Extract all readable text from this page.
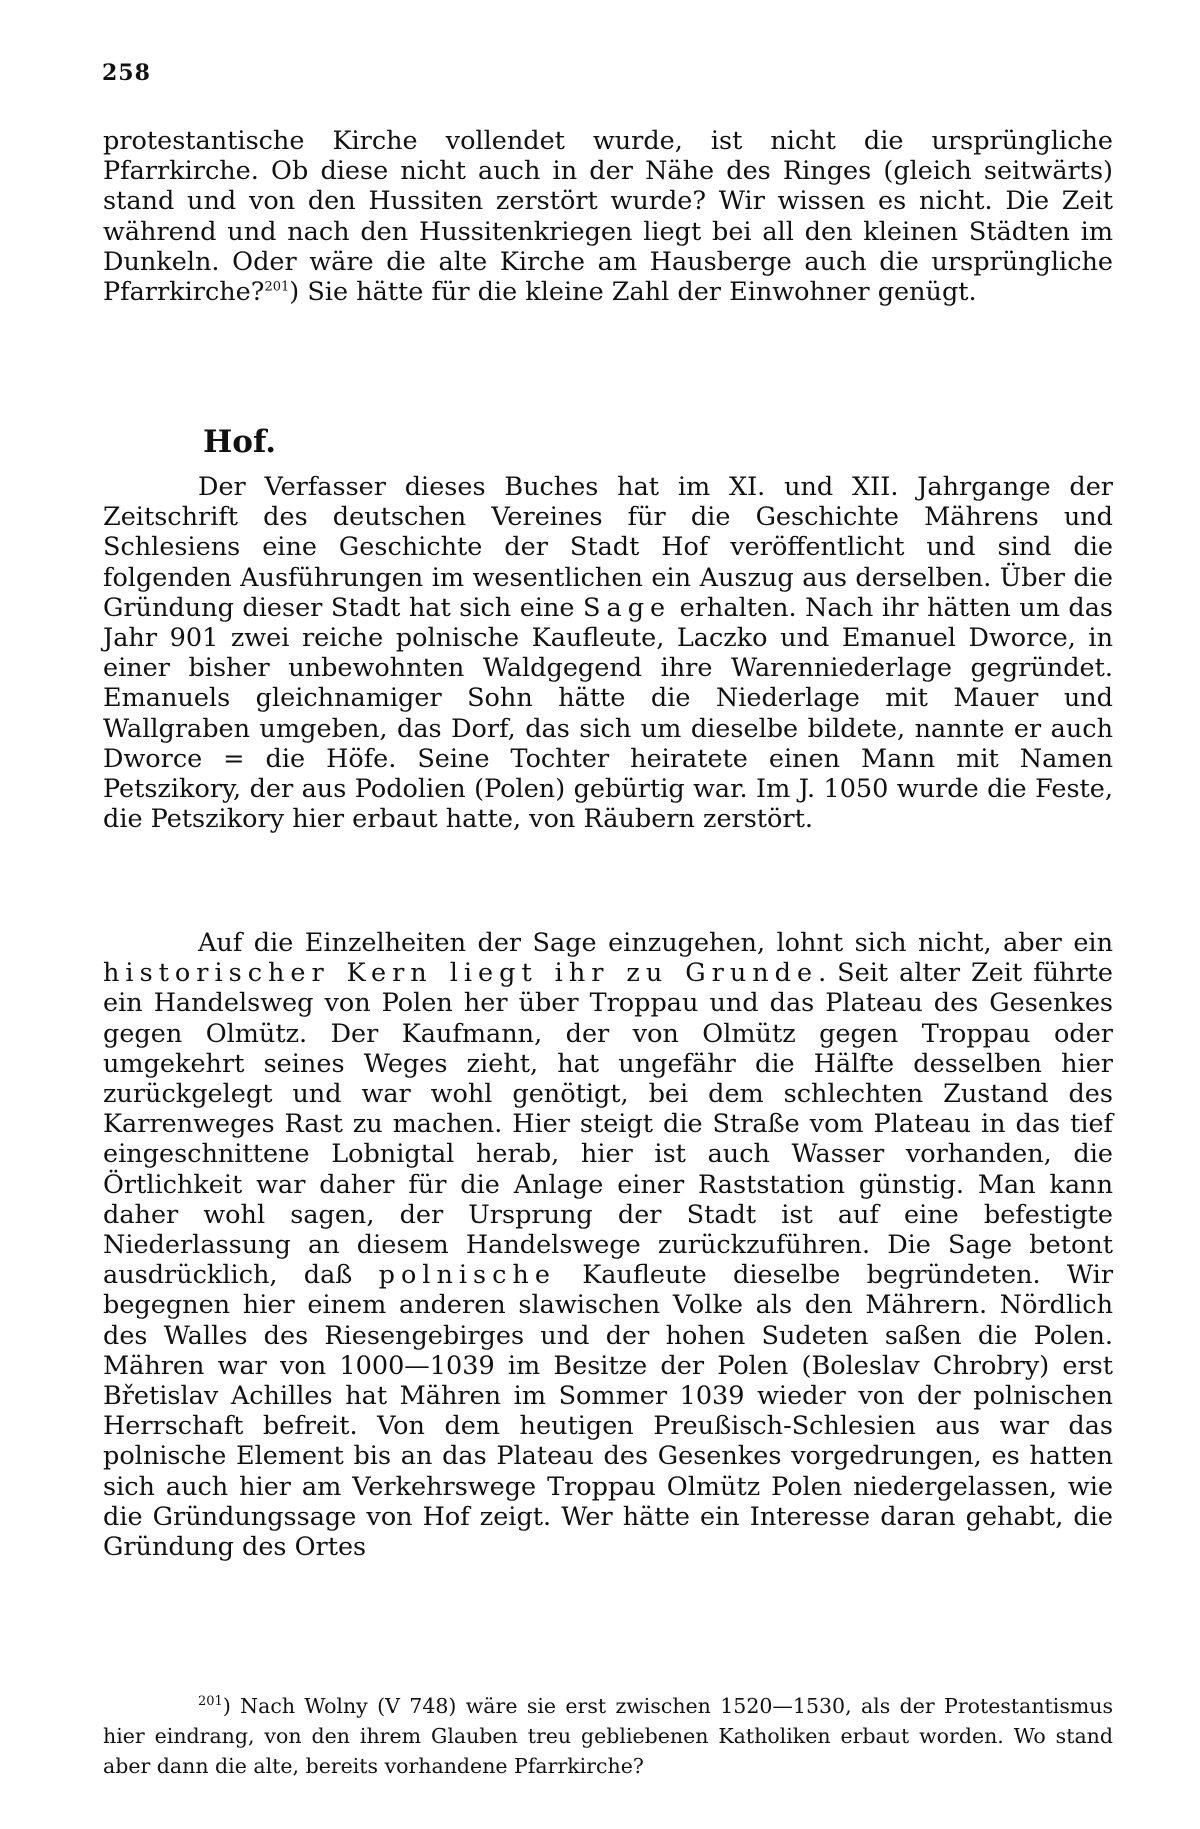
258

protestantische Kirche vollendet wurde, ist nicht die ursprüngliche Pfarrkirche. Ob diese nicht auch in der Nähe des Ringes (gleich seitwärts) stand und von den Hussiten zerstört wurde? Wir wissen es nicht. Die Zeit während und nach den Hussitenkriegen liegt bei all den kleinen Städten im Dunkeln. Oder wäre die alte Kirche am Hausberge auch die ursprüngliche Pfarrkirche?$^{201}$) Sie hätte für die kleine Zahl der Einwohner genügt.

Hof.

Der Verfasser dieses Buches hat im XI. und XII. Jahrgange der Zeitschrift des deutschen Vereines für die Geschichte Mährens und Schlesiens eine Geschichte der Stadt Hof veröffentlicht und sind die folgenden Ausführungen im wesentlichen ein Auszug aus derselben. Über die Gründung dieser Stadt hat sich eine Sage erhalten. Nach ihr hätten um das Jahr 901 zwei reiche polnische Kaufleute, Laczko und Emanuel Dworce, in einer bisher unbewohnten Waldgegend ihre Warenniederlage gegründet. Emanuels gleichnamiger Sohn hätte die Niederlage mit Mauer und Wallgraben umgeben, das Dorf, das sich um dieselbe bildete, nannte er auch Dworce = die Höfe. Seine Tochter heiratete einen Mann mit Namen Petszikory, der aus Podolien (Polen) gebürtig war. Im J. 1050 wurde die Feste, die Petszikory hier erbaut hatte, von Räubern zerstört.

Auf die Einzelheiten der Sage einzugehen, lohnt sich nicht, aber ein historischer Kern liegt ihr zu Grunde. Seit alter Zeit führte ein Handelsweg von Polen her über Troppau und das Plateau des Gesenkes gegen Olmütz. Der Kaufmann, der von Olmütz gegen Troppau oder umgekehrt seines Weges zieht, hat ungefähr die Hälfte desselben hier zurückgelegt und war wohl genötigt, bei dem schlechten Zustand des Karrenweges Rast zu machen. Hier steigt die Straße vom Plateau in das tief eingeschnittene Lobnigtal herab, hier ist auch Wasser vorhanden, die Örtlichkeit war daher für die Anlage einer Raststation günstig. Man kann daher wohl sagen, der Ursprung der Stadt ist auf eine befestigte Niederlassung an diesem Handelswege zurückzuführen. Die Sage betont ausdrücklich, daß polnische Kaufleute dieselbe begründeten. Wir begegnen hier einem anderen slawischen Volke als den Mährern. Nördlich des Walles des Riesengebirges und der hohen Sudeten saßen die Polen. Mähren war von 1000—1039 im Besitze der Polen (Boleslav Chrobry) erst Břetislav Achilles hat Mähren im Sommer 1039 wieder von der polnischen Herrschaft befreit. Von dem heutigen Preußisch-Schlesien aus war das polnische Element bis an das Plateau des Gesenkes vorgedrungen, es hatten sich auch hier am Verkehrswege Troppau Olmütz Polen niedergelassen, wie die Gründungssage von Hof zeigt. Wer hätte ein Interesse daran gehabt, die Gründung des Ortes

$^{201}$) Nach Wolny (V 748) wäre sie erst zwischen 1520—1530, als der Protestantismus hier eindrang, von den ihrem Glauben treu gebliebenen Katholiken erbaut worden. Wo stand aber dann die alte, bereits vorhandene Pfarrkirche?
